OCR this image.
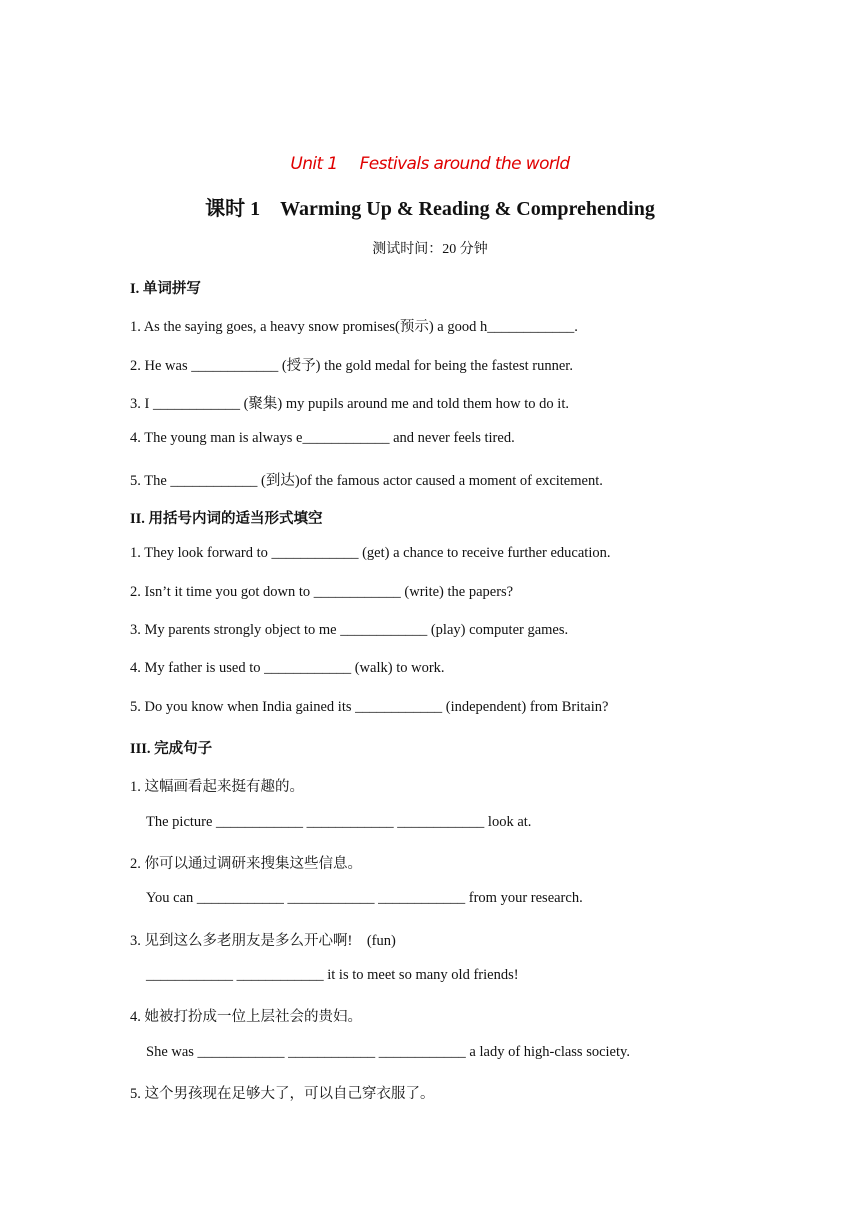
Unit 1 Festivals around the world
课时 1　Warming Up & Reading & Comprehending
测试时间：20 分钟
I. 单词拼写
1. As the saying goes, a heavy snow promises(预示) a good h____________.
2. He was ____________ (授予) the gold medal for being the fastest runner.
3. I ____________ (聚集) my pupils around me and told them how to do it.
4. The young man is always e____________ and never feels tired.
5. The ____________ (到达)of the famous actor caused a moment of excitement.
II. 用括号内词的适当形式填空
1. They look forward to ____________ (get) a chance to receive further education.
2. Isn’t it time you got down to ____________ (write) the papers?
3. My parents strongly object to me ____________ (play) computer games.
4. My father is used to ____________ (walk) to work.
5. Do you know when India gained its ____________ (independent) from Britain?
III. 完成句子
1. 这幅画看起来挺有趣的。
The picture ____________ ____________ ____________ look at.
2. 你可以通过调研来搜集这些信息。
You can ____________ ____________ ____________ from your research.
3. 见到这么多老朋友是多么开心啊!　(fun)
____________ ____________ it is to meet so many old friends!
4. 她被打扮成一位上层社会的贵妇。
She was ____________ ____________ ____________ a lady of high-class society.
5. 这个男孩现在足够大了，可以自己穿衣服了。
